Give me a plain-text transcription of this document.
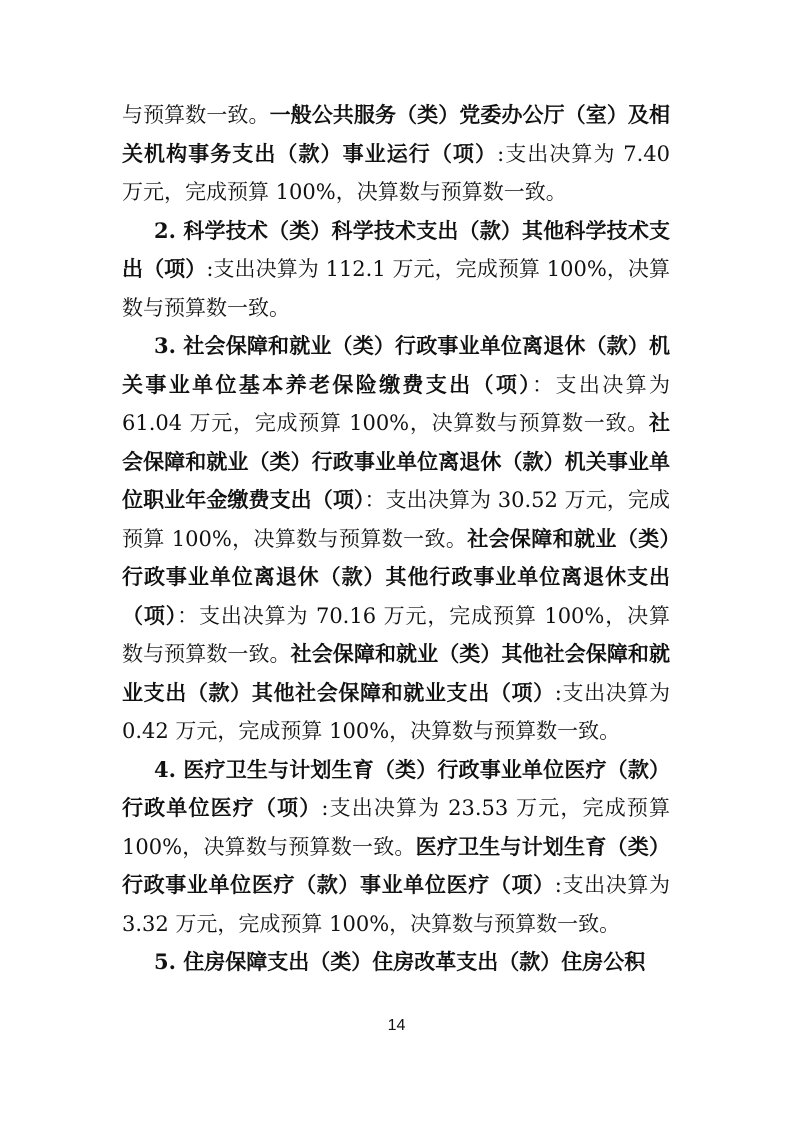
与预算数一致。一般公共服务（类）党委办公厅（室）及相关机构事务支出（款）事业运行（项）:支出决算为 7.40 万元，完成预算 100%，决算数与预算数一致。

2. 科学技术（类）科学技术支出（款）其他科学技术支出（项）:支出决算为 112.1 万元，完成预算 100%，决算数与预算数一致。

3. 社会保障和就业（类）行政事业单位离退休（款）机关事业单位基本养老保险缴费支出（项）：支出决算为 61.04 万元，完成预算 100%，决算数与预算数一致。社会保障和就业（类）行政事业单位离退休（款）机关事业单位职业年金缴费支出（项）：支出决算为 30.52 万元，完成预算 100%，决算数与预算数一致。社会保障和就业（类）行政事业单位离退休（款）其他行政事业单位离退休支出（项）：支出决算为 70.16 万元，完成预算 100%，决算数与预算数一致。社会保障和就业（类）其他社会保障和就业支出（款）其他社会保障和就业支出（项）:支出决算为 0.42 万元，完成预算 100%，决算数与预算数一致。

4. 医疗卫生与计划生育（类）行政事业单位医疗（款）行政单位医疗（项）:支出决算为 23.53 万元，完成预算 100%，决算数与预算数一致。医疗卫生与计划生育（类）行政事业单位医疗（款）事业单位医疗（项）:支出决算为 3.32 万元，完成预算 100%，决算数与预算数一致。

5. 住房保障支出（类）住房改革支出（款）住房公积

14
